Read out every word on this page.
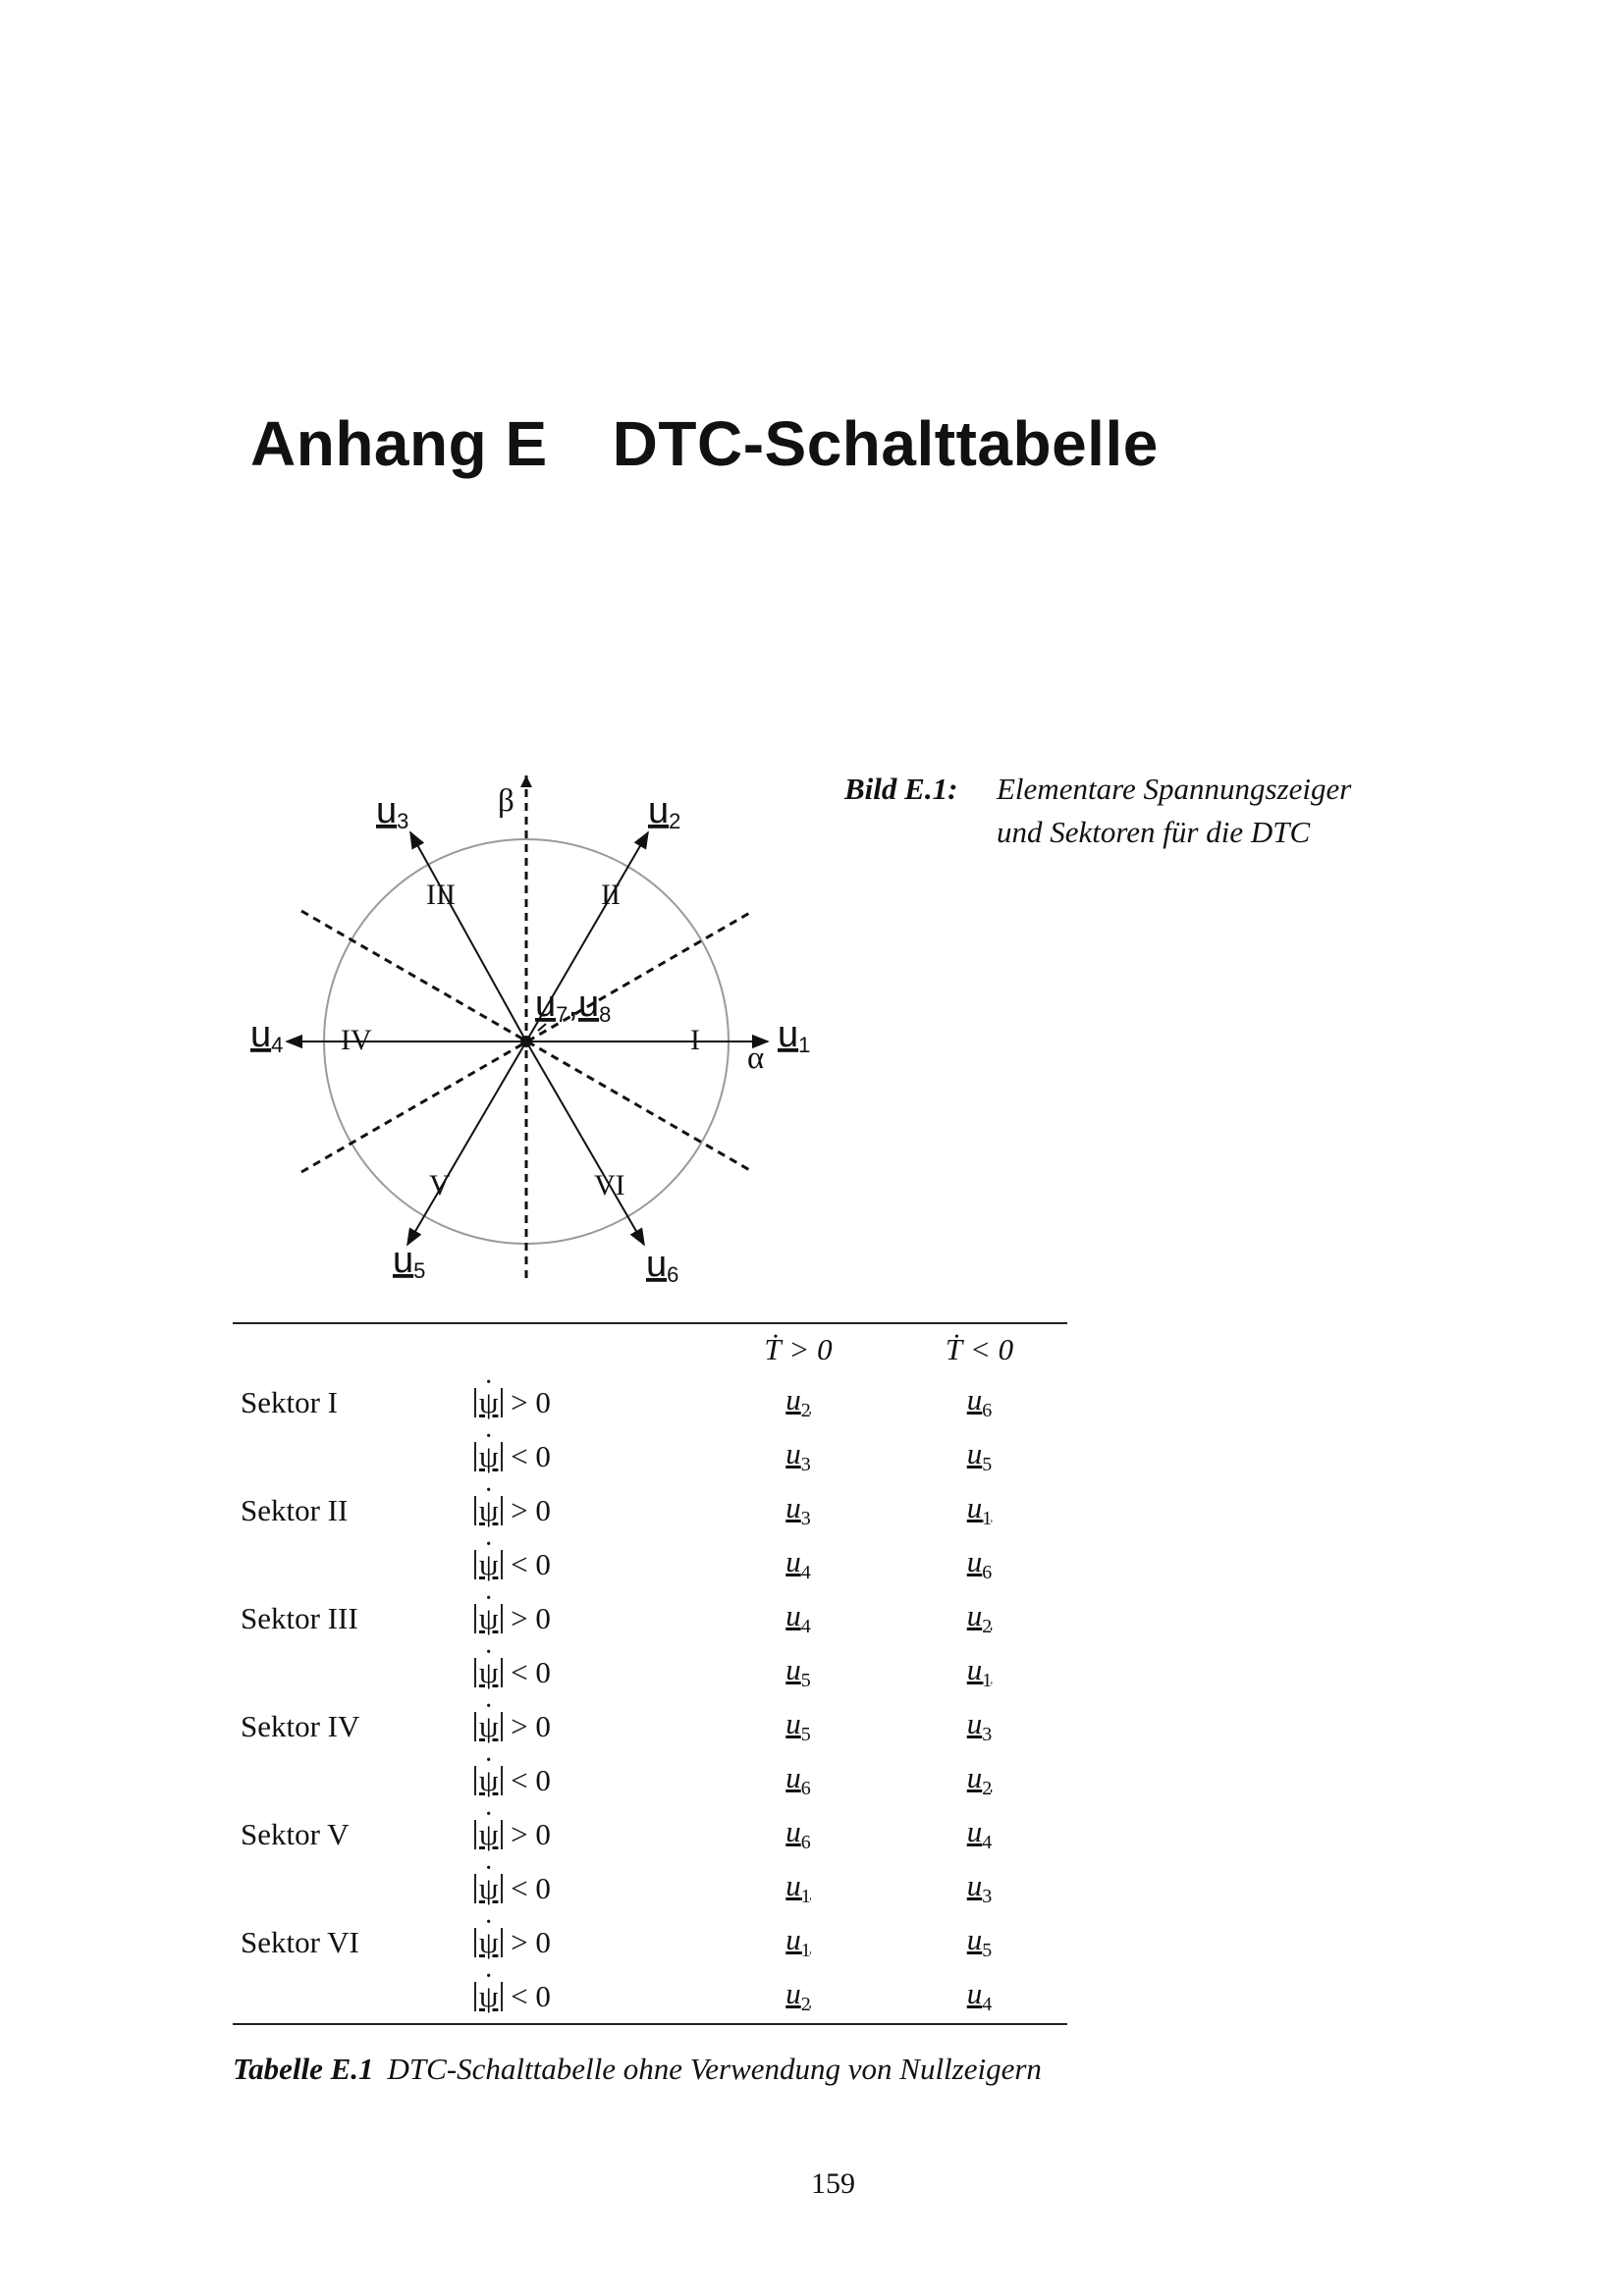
Anhang E DTC-Schalttabelle
β
α
III	II
IV	I
V	VI
u3	u2
u4	u1
u7,u8
u5	u6
Bild E.1: Elementare Spannungszeiger
und Sektoren für die DTC
		Ṫ > 0	Ṫ < 0
Sektor I	· ψ > 0	$u_2$	$u_6$
	· ψ < 0	$u_3$	$u_5$
Sektor II	· ψ > 0	$u_3$	$u_1$
	· ψ < 0	$u_4$	$u_6$
Sektor III	· ψ > 0	$u_4$	$u_2$
	· ψ < 0	$u_5$	$u_1$
Sektor IV	· ψ > 0	$u_5$	$u_3$
	· ψ < 0	$u_6$	$u_2$
Sektor V	· ψ > 0	$u_6$	$u_4$
	· ψ < 0	$u_1$	$u_3$
Sektor VI	· ψ > 0	$u_1$	$u_5$
	· ψ < 0	$u_2$	$u_4$
Tabelle E.1 DTC-Schalttabelle ohne Verwendung von Nullzeigern
159
